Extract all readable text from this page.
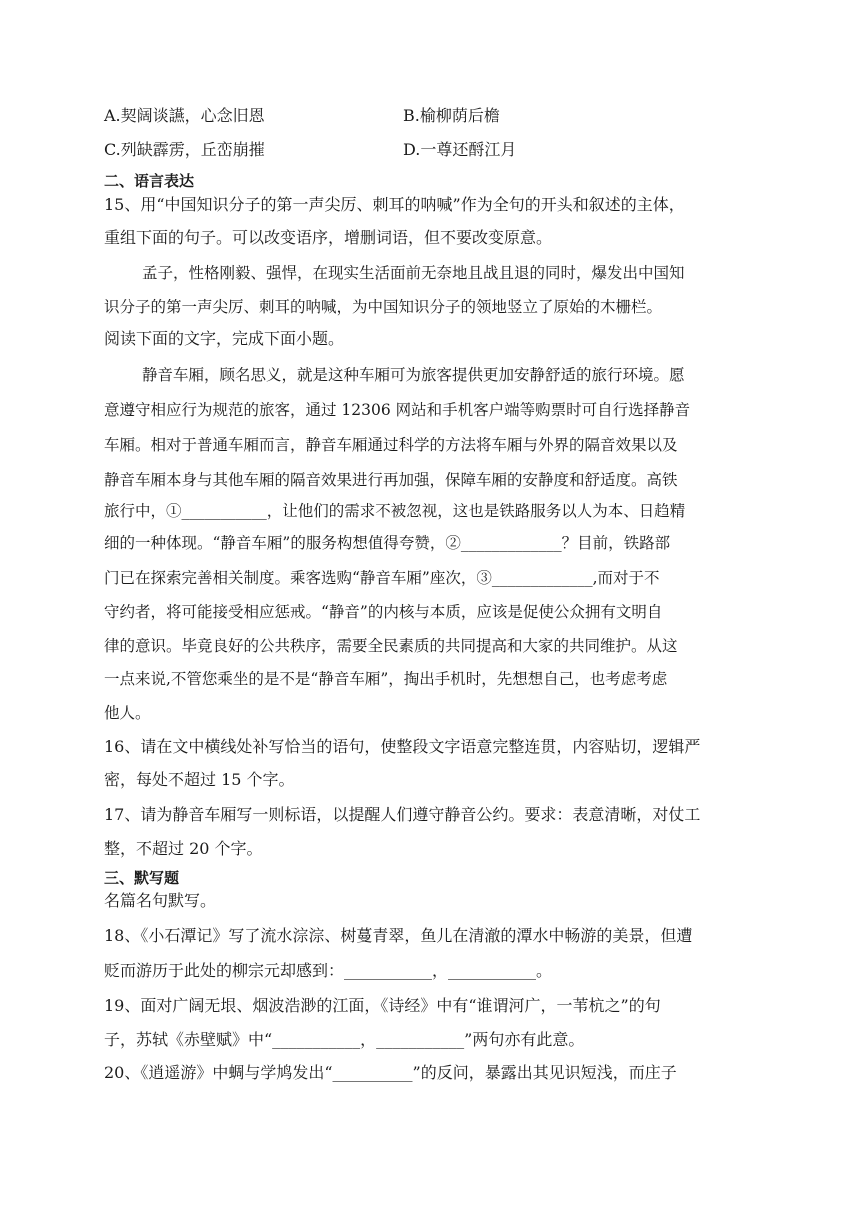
A.契阔谈讌，心念旧恩	B.榆柳荫后檐
C.列缺霹雳，丘峦崩摧	D.一尊还酹江月
二、语言表达
15、用“中国知识分子的第一声尖厉、刺耳的呐喊”作为全句的开头和叙述的主体，
重组下面的句子。可以改变语序，增删词语，但不要改变原意。
孟子，性格刚毅、强悍，在现实生活面前无奈地且战且退的同时，爆发出中国知
识分子的第一声尖厉、刺耳的呐喊，为中国知识分子的领地竖立了原始的木栅栏。
阅读下面的文字，完成下面小题。
静音车厢，顾名思义，就是这种车厢可为旅客提供更加安静舒适的旅行环境。愿
意遵守相应行为规范的旅客，通过 12306 网站和手机客户端等购票时可自行选择静音
车厢。相对于普通车厢而言，静音车厢通过科学的方法将车厢与外界的隔音效果以及
静音车厢本身与其他车厢的隔音效果进行再加强，保障车厢的安静度和舒适度。高铁
旅行中，①___________，让他们的需求不被忽视，这也是铁路服务以人为本、日趋精
细的一种体现。“静音车厢”的服务构想值得夸赞，②_____________？目前，铁路部
门已在探索完善相关制度。乘客选购“静音车厢”座次，③_____________,而对于不
守约者，将可能接受相应惩戒。“静音”的内核与本质，应该是促使公众拥有文明自
律的意识。毕竟良好的公共秩序，需要全民素质的共同提高和大家的共同维护。从这
一点来说,不管您乘坐的是不是“静音车厢”，掏出手机时，先想想自己，也考虑考虑
他人。
16、请在文中横线处补写恰当的语句，使整段文字语意完整连贯，内容贴切，逻辑严
密，每处不超过 15 个字。
17、请为静音车厢写一则标语，以提醒人们遵守静音公约。要求：表意清晰，对仗工
整，不超过 20 个字。
三、默写题
名篇名句默写。
18、《小石潭记》写了流水淙淙、树蔓青翠，鱼儿在清澈的潭水中畅游的美景，但遭
贬而游历于此处的柳宗元却感到：___________，___________。
19、面对广阔无垠、烟波浩渺的江面，《诗经》中有“谁谓河广，一苇杭之”的句
子，苏轼《赤壁赋》中“___________，___________”两句亦有此意。
20、《逍遥游》中蜩与学鸠发出“__________”的反问，暴露出其见识短浅，而庄子
